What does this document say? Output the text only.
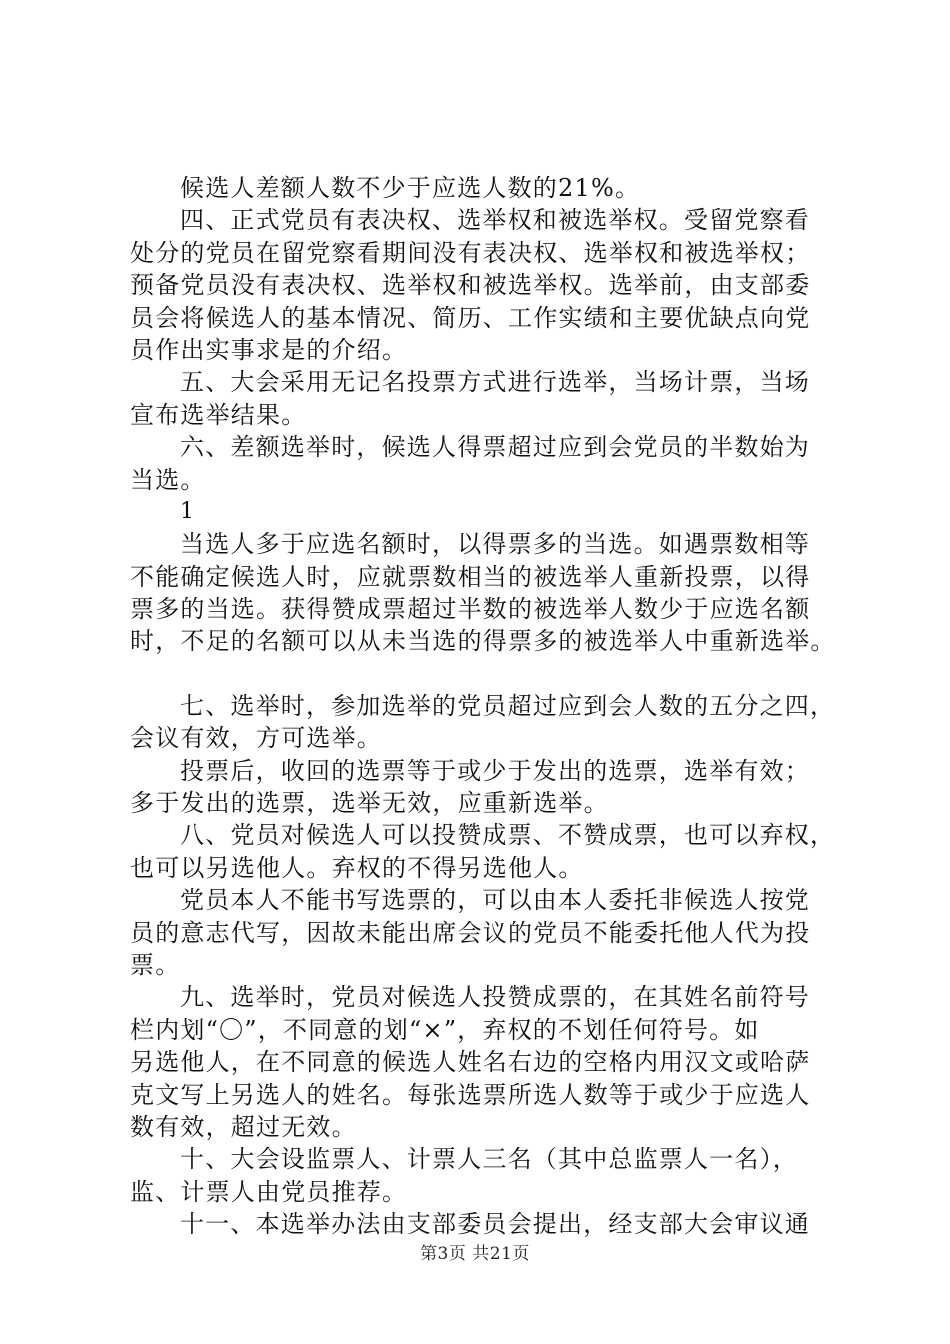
候选人差额人数不少于应选人数的21%。
四、正式党员有表决权、选举权和被选举权。受留党察看
处分的党员在留党察看期间没有表决权、选举权和被选举权；
预备党员没有表决权、选举权和被选举权。选举前，由支部委
员会将候选人的基本情况、简历、工作实绩和主要优缺点向党
员作出实事求是的介绍。
五、大会采用无记名投票方式进行选举，当场计票，当场
宣布选举结果。
六、差额选举时，候选人得票超过应到会党员的半数始为
当选。
1
当选人多于应选名额时，以得票多的当选。如遇票数相等
不能确定候选人时，应就票数相当的被选举人重新投票，以得
票多的当选。获得赞成票超过半数的被选举人数少于应选名额
时，不足的名额可以从未当选的得票多的被选举人中重新选举。
七、选举时，参加选举的党员超过应到会人数的五分之四，
会议有效，方可选举。
投票后，收回的选票等于或少于发出的选票，选举有效；
多于发出的选票，选举无效，应重新选举。
八、党员对候选人可以投赞成票、不赞成票，也可以弃权，
也可以另选他人。弃权的不得另选他人。
党员本人不能书写选票的，可以由本人委托非候选人按党
员的意志代写，因故未能出席会议的党员不能委托他人代为投
票。
九、选举时，党员对候选人投赞成票的，在其姓名前符号
栏内划“〇”，不同意的划“×”，弃权的不划任何符号。如
另选他人，在不同意的候选人姓名右边的空格内用汉文或哈萨
克文写上另选人的姓名。每张选票所选人数等于或少于应选人
数有效，超过无效。
十、大会设监票人、计票人三名（其中总监票人一名），
监、计票人由党员推荐。
十一、本选举办法由支部委员会提出，经支部大会审议通
第3页 共21页
